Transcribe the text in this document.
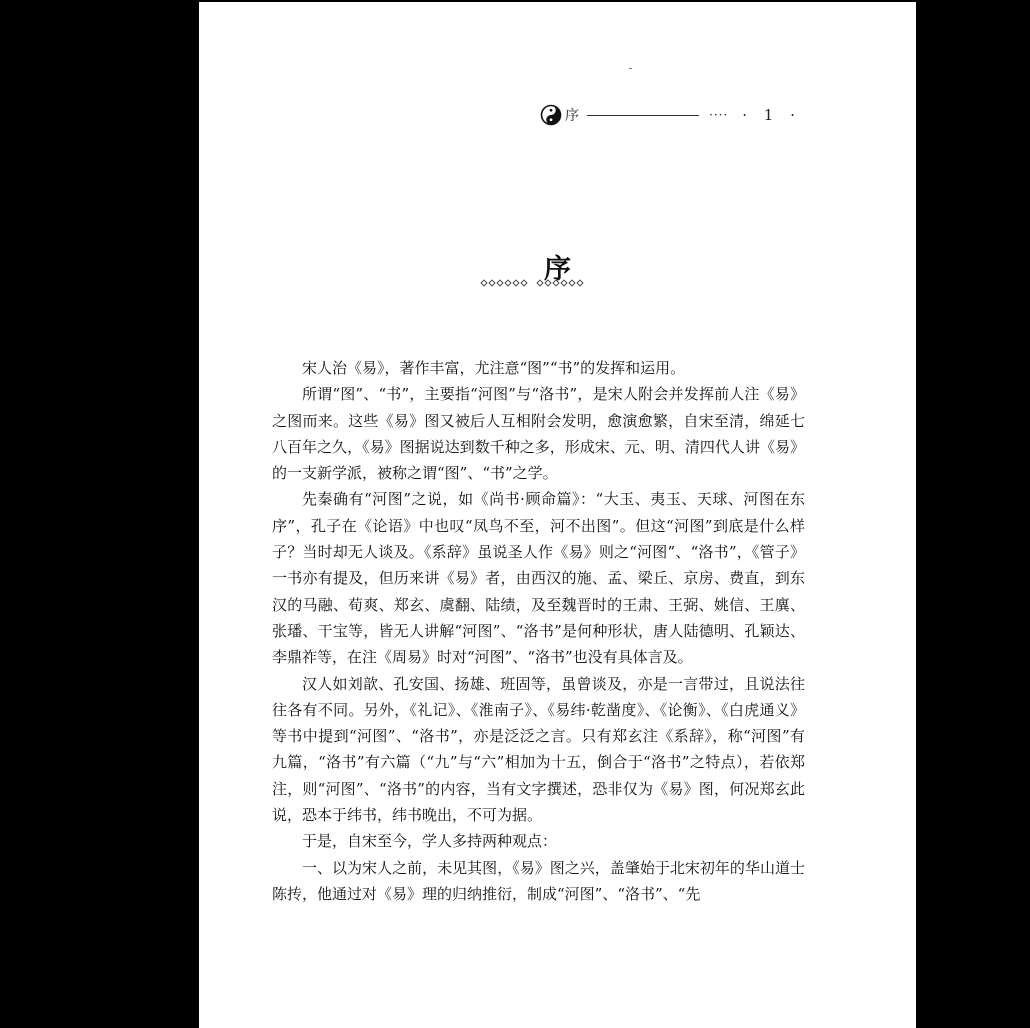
序	···· · 1 ·
序

宋人治《易》，著作丰富，尤注意“图”“书”的发挥和运用。

所谓“图”、“书”，主要指“河图”与“洛书”，是宋人附会并发挥前人注《易》之图而来。这些《易》图又被后人互相附会发明，愈演愈繁，自宋至清，绵延七八百年之久，《易》图据说达到数千种之多，形成宋、元、明、清四代人讲《易》的一支新学派，被称之谓“图”、“书”之学。

先秦确有“河图”之说，如《尚书·顾命篇》：“大玉、夷玉、天球、河图在东序”，孔子在《论语》中也叹“凤鸟不至，河不出图”。但这“河图”到底是什么样子？当时却无人谈及。《系辞》虽说圣人作《易》则之“河图”、“洛书”，《管子》一书亦有提及，但历来讲《易》者，由西汉的施、孟、梁丘、京房、费直，到东汉的马融、荀爽、郑玄、虞翻、陆绩，及至魏晋时的王肃、王弼、姚信、王廙、张璠、干宝等，皆无人讲解“河图”、“洛书”是何种形状，唐人陆德明、孔颖达、李鼎祚等，在注《周易》时对“河图”、“洛书”也没有具体言及。

汉人如刘歆、孔安国、扬雄、班固等，虽曾谈及，亦是一言带过，且说法往往各有不同。另外，《礼记》、《淮南子》、《易纬·乾凿度》、《论衡》、《白虎通义》等书中提到“河图”、“洛书”，亦是泛泛之言。只有郑玄注《系辞》，称“河图”有九篇，“洛书”有六篇（“九”与“六”相加为十五，倒合于“洛书”之特点），若依郑注，则“河图”、“洛书”的内容，当有文字撰述，恐非仅为《易》图，何况郑玄此说，恐本于纬书，纬书晚出，不可为据。

于是，自宋至今，学人多持两种观点：

一、以为宋人之前，未见其图，《易》图之兴，盖肇始于北宋初年的华山道士陈抟，他通过对《易》理的归纳推衍，制成“河图”、“洛书”、“先
